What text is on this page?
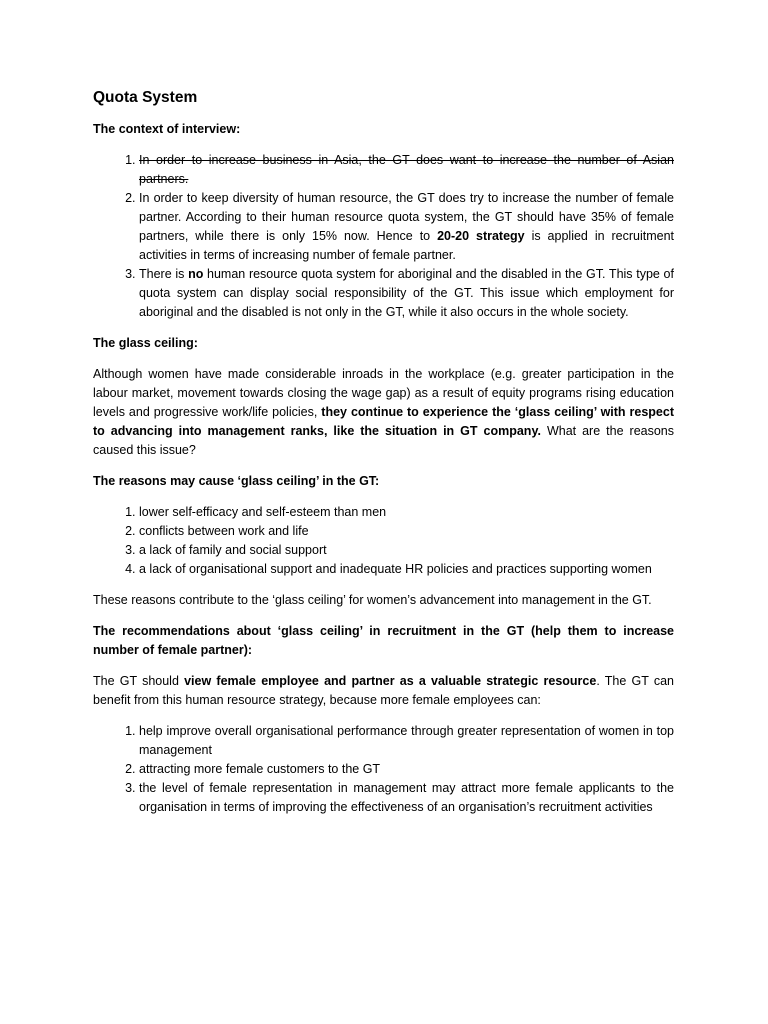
Quota System
The context of interview:
1. In order to increase business in Asia, the GT does want to increase the number of Asian partners.
2. In order to keep diversity of human resource, the GT does try to increase the number of female partner. According to their human resource quota system, the GT should have 35% of female partners, while there is only 15% now. Hence to 20-20 strategy is applied in recruitment activities in terms of increasing number of female partner.
3. There is no human resource quota system for aboriginal and the disabled in the GT. This type of quota system can display social responsibility of the GT. This issue which employment for aboriginal and the disabled is not only in the GT, while it also occurs in the whole society.
The glass ceiling:

Although women have made considerable inroads in the workplace (e.g. greater participation in the labour market, movement towards closing the wage gap) as a result of equity programs rising education levels and progressive work/life policies, they continue to experience the ‘glass ceiling’ with respect to advancing into management ranks, like the situation in GT company. What are the reasons caused this issue?

The reasons may cause ‘glass ceiling’ in the GT:
1. lower self-efficacy and self-esteem than men
2. conflicts between work and life
3. a lack of family and social support
4. a lack of organisational support and inadequate HR policies and practices supporting women

These reasons contribute to the ‘glass ceiling’ for women’s advancement into management in the GT.

The recommendations about ‘glass ceiling’ in recruitment in the GT (help them to increase number of female partner):

The GT should view female employee and partner as a valuable strategic resource. The GT can benefit from this human resource strategy, because more female employees can:

1. help improve overall organisational performance through greater representation of women in top management
2. attracting more female customers to the GT
3. the level of female representation in management may attract more female applicants to the organisation in terms of improving the effectiveness of an organisation’s recruitment activities
